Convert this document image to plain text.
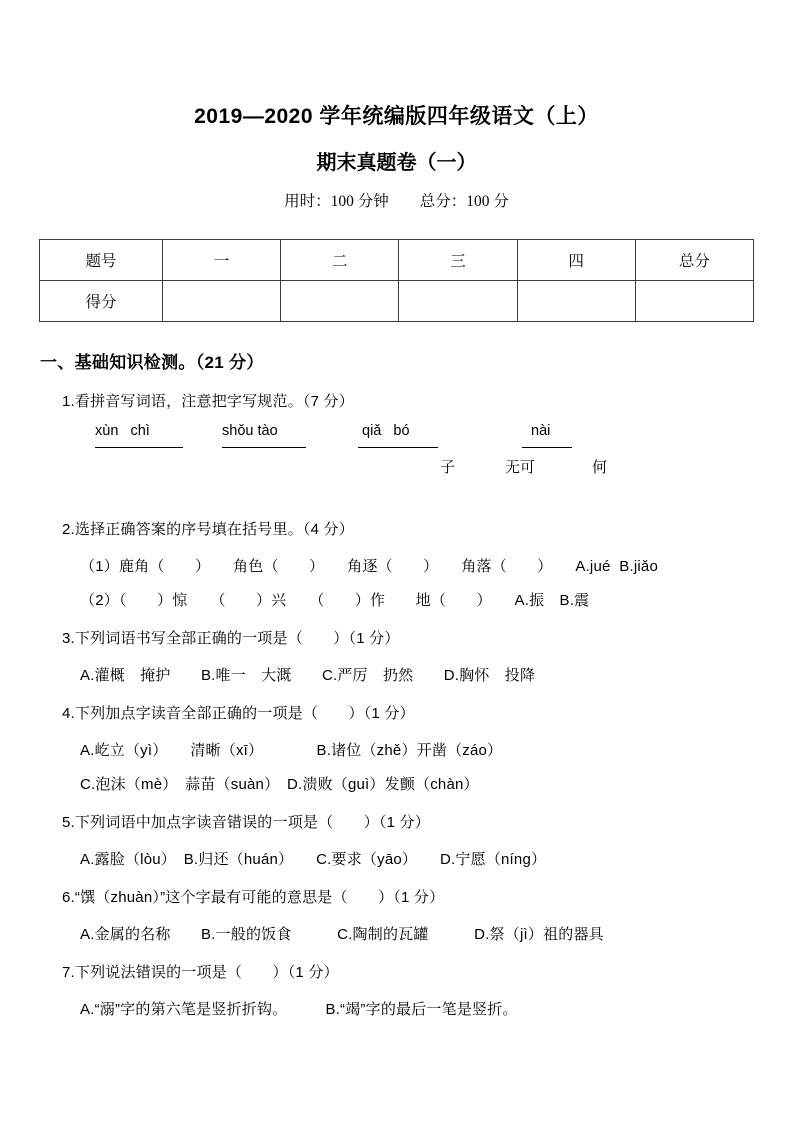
2019—2020 学年统编版四年级语文（上）
期末真题卷（一）
用时：100 分钟　　总分：100 分
题号	一	二	三	四	总分
得分					
一、基础知识检测。（21 分）
1.看拼音写词语，注意把字写规范。（7 分）
xùn   chì	shǒu tào	qiǎ   bó	nài
子	无可	何
2.选择正确答案的序号填在括号里。（4 分）
（1）鹿角（　　）　　角色（　　）　　角逐（　　）　　角落（　　）　　A.jué  B.jiǎo
（2）（　　）惊　　（　　）兴　　（　　）作　　地（　　）　　A.振　B.震
3.下列词语书写全部正确的一项是（　　）（1 分）
A.灌概　掩护　　B.唯一　大溉　　C.严厉　扔然　　D.胸怀　投降
4.下列加点字读音全部正确的一项是（　　）（1 分）
A.屹立（yì）　　清晰（xī）　　　　B.诸位（zhě）开凿（záo）
C.泡沫（mè）　蒜苗（suàn）　D.溃败（guì）发颤（chàn）
5.下列词语中加点字读音错误的一项是（　　）（1 分）
A.露脸（lòu）　B.归还（huán）　　C.要求（yāo）　　D.宁愿（níng）
6.“馔（zhuàn）”这个字最有可能的意思是（　　）（1 分）
A.金属的名称　　B.一般的饭食　　　C.陶制的瓦罐　　　D.祭（jì）祖的器具
7.下列说法错误的一项是（　　）（1 分）
A.“溺”字的第六笔是竖折折钩。　　　B.“竭”字的最后一笔是竖折。
